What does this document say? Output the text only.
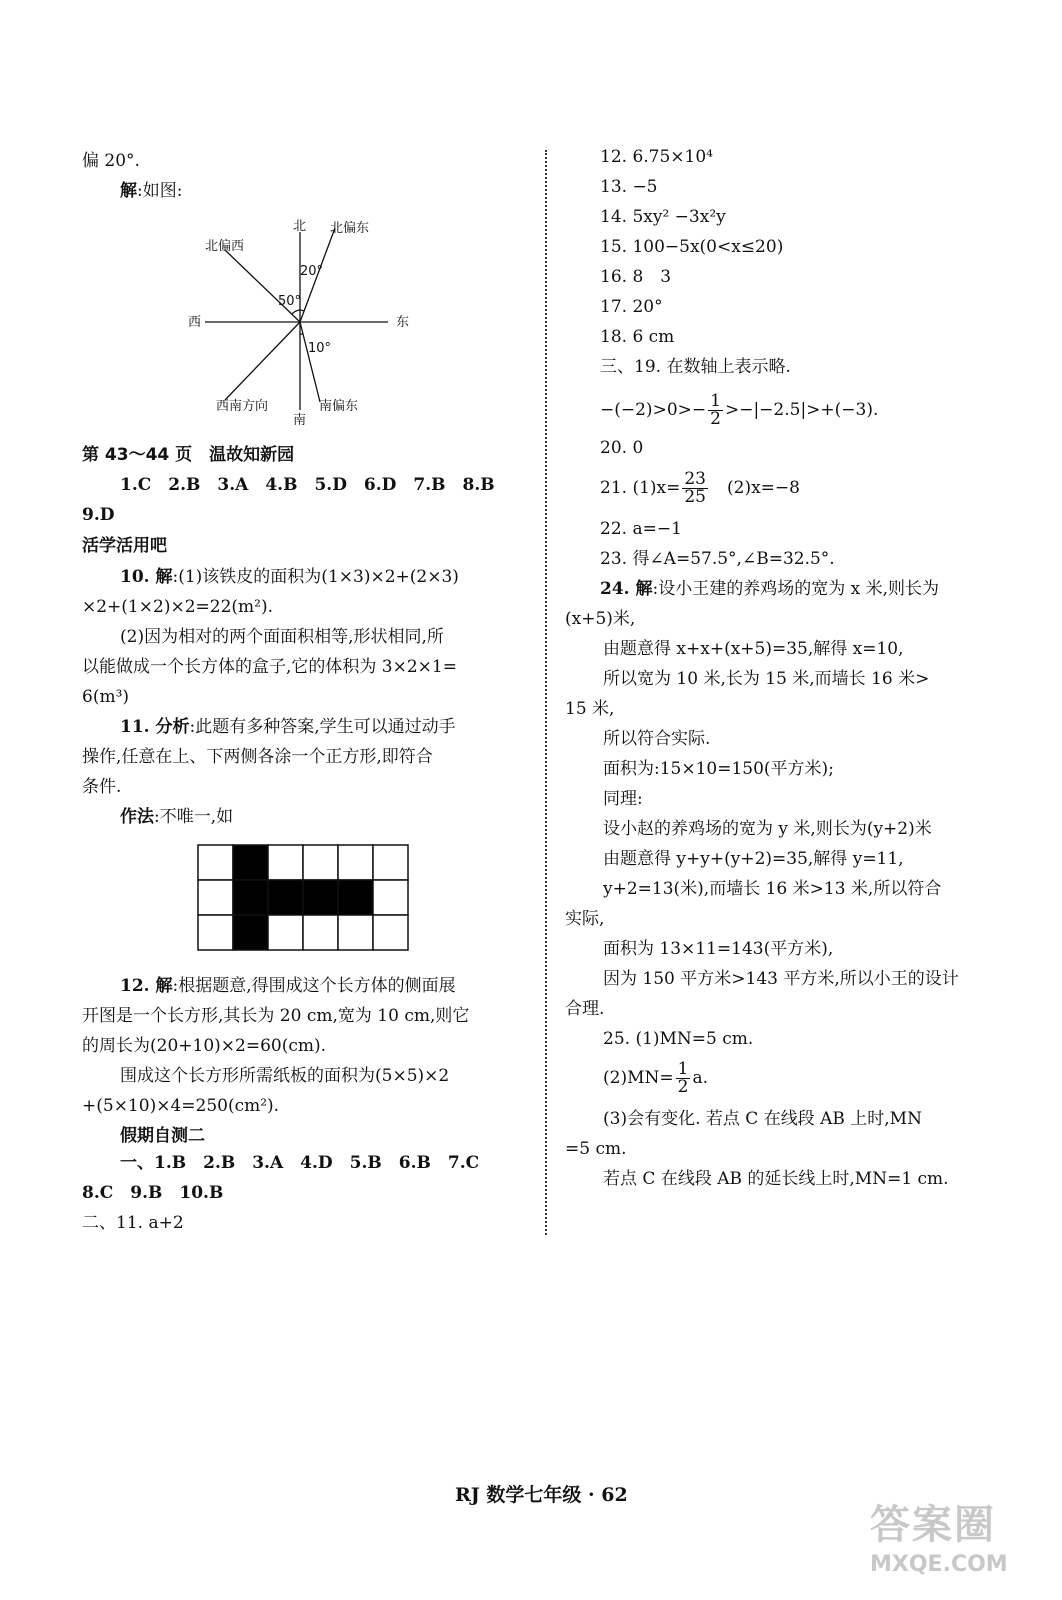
偏 20°.
解:如图:
北 北偏东
北偏西
20°
50°
西	东
10°
西南方向	南偏东
南
第 43～44 页　温故知新园
1.C　2.B　3.A　4.B　5.D　6.D　7.B　8.B
9.D
活学活用吧
10. 解:(1)该铁皮的面积为(1×3)×2+(2×3)
×2+(1×2)×2=22(m²).
(2)因为相对的两个面面积相等,形状相同,所
以能做成一个长方体的盒子,它的体积为 3×2×1=
6(m³)
11. 分析:此题有多种答案,学生可以通过动手
操作,任意在上、下两侧各涂一个正方形,即符合
条件.
作法:不唯一,如
12. 解:根据题意,得围成这个长方体的侧面展
开图是一个长方形,其长为 20 cm,宽为 10 cm,则它
的周长为(20+10)×2=60(cm).
围成这个长方形所需纸板的面积为(5×5)×2
+(5×10)×4=250(cm²).
假期自测二
一、1.B　2.B　3.A　4.D　5.B　6.B　7.C
8.C　9.B　10.B
二、11. a+2
12. 6.75×10⁴
13. −5
14. 5xy² −3x²y
15. 100−5x(0<x≤20)
16. 8　3
17. 20°
18. 6 cm
三、19. 在数轴上表示略.
$-(-2)>0>- \frac{1}{2} >-|-2.5|>+(-3)$.
20. 0
21. $(1)x= \frac{23}{25}$ 　(2)x=−8
22. a=−1
23. 得∠A=57.5°,∠B=32.5°.
24. 解:设小王建的养鸡场的宽为 x 米,则长为
(x+5)米,
由题意得 x+x+(x+5)=35,解得 x=10,
所以宽为 10 米,长为 15 米,而墙长 16 米>
15 米,
所以符合实际.
面积为:15×10=150(平方米);
同理:
设小赵的养鸡场的宽为 y 米,则长为(y+2)米
由题意得 y+y+(y+2)=35,解得 y=11,
y+2=13(米),而墙长 16 米>13 米,所以符合
实际,
面积为 13×11=143(平方米),
因为 150 平方米>143 平方米,所以小王的设计
合理.
25. (1)MN=5 cm.
$(2)MN= \frac{1}{2} a$.
(3)会有变化. 若点 C 在线段 AB 上时,MN
=5 cm.
若点 C 在线段 AB 的延长线上时,MN=1 cm.
RJ 数学七年级 · 62
答案圈
MXQE.COM
